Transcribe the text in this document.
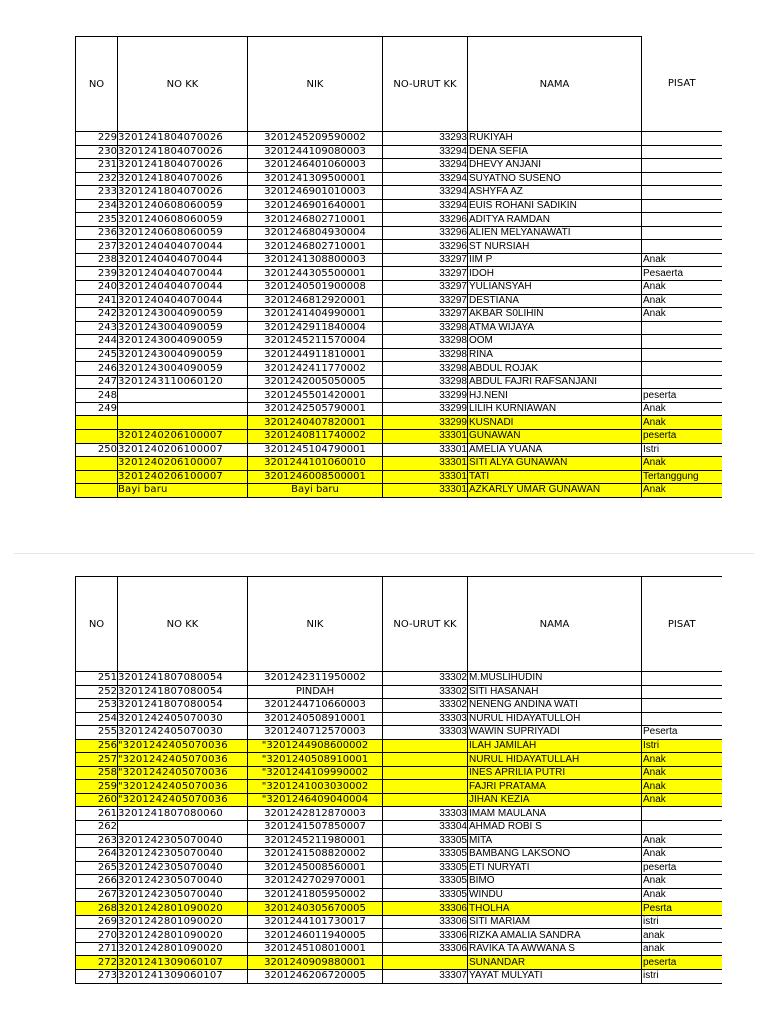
NO	NO KK	NIK	NO-URUT KK	NAMA	PISAT
229	3201241804070026	3201245209590002	33293	RUKIYAH	
230	3201241804070026	3201244109080003	33294	DENA SEFIA	
231	3201241804070026	3201246401060003	33294	DHEVY ANJANI	
232	3201241804070026	3201241309500001	33294	SUYATNO SUSENO	
233	3201241804070026	3201246901010003	33294	ASHYFA AZ	
234	3201240608060059	3201246901640001	33294	EUIS ROHANI SADIKIN	
235	3201240608060059	3201246802710001	33296	ADITYA RAMDAN	
236	3201240608060059	3201246804930004	33296	ALIEN MELYANAWATI	
237	3201240404070044	3201246802710001	33296	ST NURSIAH	
238	3201240404070044	3201241308800003	33297	IIM P	Anak
239	3201240404070044	3201244305500001	33297	IDOH	Pesaerta
240	3201240404070044	3201240501900008	33297	YULIANSYAH	Anak
241	3201240404070044	3201246812920001	33297	DESTIANA	Anak
242	3201243004090059	3201241404990001	33297	AKBAR S0LIHIN	Anak
243	3201243004090059	3201242911840004	33298	ATMA WIJAYA	
244	3201243004090059	3201245211570004	33298	OOM	
245	3201243004090059	3201244911810001	33298	RINA	
246	3201243004090059	3201242411770002	33298	ABDUL ROJAK	
247	3201243110060120	3201242005050005	33298	ABDUL FAJRI RAFSANJANI	
248		3201245501420001	33299	HJ.NENI	peserta
249		3201242505790001	33299	LILIH KURNIAWAN	Anak
		3201240407820001	33299	KUSNADI	Anak
	3201240206100007	3201240811740002	33301	GUNAWAN	peserta
250	3201240206100007	3201245104790001	33301	AMELIA YUANA	Istri
	3201240206100007	3201244101060010	33301	SITI ALYA GUNAWAN	Anak
	3201240206100007	3201246008500001	33301	TATI	Tertanggung
	Bayi baru	Bayi baru	33301	AZKARLY UMAR GUNAWAN	Anak
NO	NO KK	NIK	NO-URUT KK	NAMA	PISAT
251	3201241807080054	3201242311950002	33302	M.MUSLIHUDIN	
252	3201241807080054	PINDAH	33302	SITI HASANAH	
253	3201241807080054	3201244710660003	33302	NENENG ANDINA WATI	
254	3201242405070030	3201240508910001	33303	NURUL HIDAYATULLOH	
255	3201242405070030	3201240712570003	33303	WAWIN SUPRIYADI	Peserta
256	"3201242405070036	"3201244908600002		ILAH JAMILAH	Istri
257	"3201242405070036	"3201240508910001		NURUL HIDAYATULLAH	Anak
258	"3201242405070036	"3201244109990002		INES APRILIA PUTRI	Anak
259	"3201242405070036	"3201241003030002		FAJRI PRATAMA	Anak
260	"3201242405070036	"3201246409040004		JIHAN KEZIA	Anak
261	3201241807080060	3201242812870003	33303	IMAM MAULANA	
262		3201241507850007	33304	AHMAD ROBI S	
263	3201242305070040	3201245211980001	33305	MITA	Anak
264	3201242305070040	3201241508820002	33305	BAMBANG LAKSONO	Anak
265	3201242305070040	3201245008560001	33305	ETI NURYATI	peserta
266	3201242305070040	3201242702970001	33305	BIMO	Anak
267	3201242305070040	3201241805950002	33305	WINDU	Anak
268	3201242801090020	3201240305670005	33306	THOLHA	Pesrta
269	3201242801090020	3201244101730017	33306	SITI MARIAM	istri
270	3201242801090020	3201246011940005	33306	RIZKA AMALIA SANDRA	anak
271	3201242801090020	3201245108010001	33306	RAVIKA TA AWWANA S	anak
272	3201241309060107	3201240909880001		SUNANDAR	peserta
273	3201241309060107	3201246206720005	33307	YAYAT MULYATI	istri
